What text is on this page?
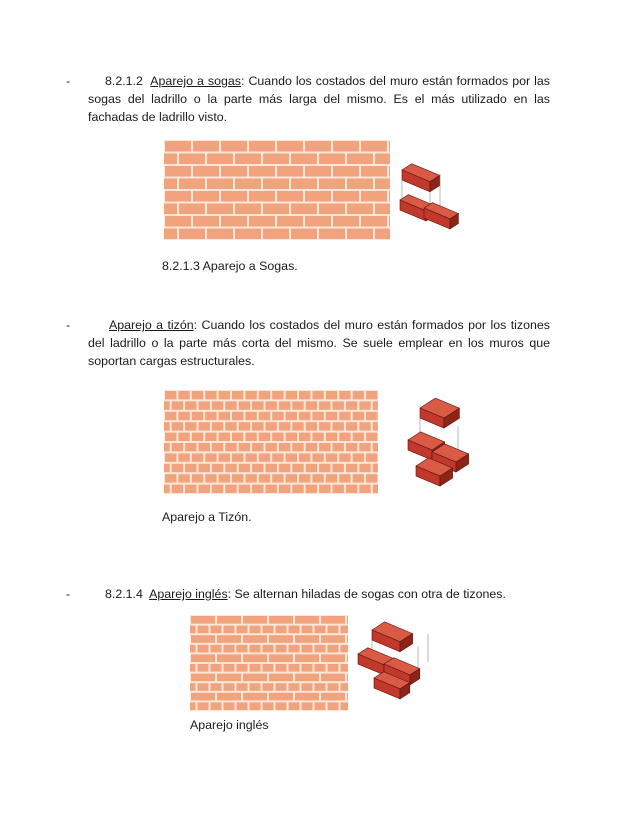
-	8.2.1.2 Aparejo a sogas: Cuando los costados del muro están formados por las sogas del ladrillo o la parte más larga del mismo. Es el más utilizado en las fachadas de ladrillo visto.

8.2.1.3 Aparejo a Sogas.
-	Aparejo a tizón: Cuando los costados del muro están formados por los tizones del ladrillo o la parte más corta del mismo. Se suele emplear en los muros que soportan cargas estructurales.

Aparejo a Tizón.
-	8.2.1.4 Aparejo inglés: Se alternan hiladas de sogas con otra de tizones.

Aparejo inglés
